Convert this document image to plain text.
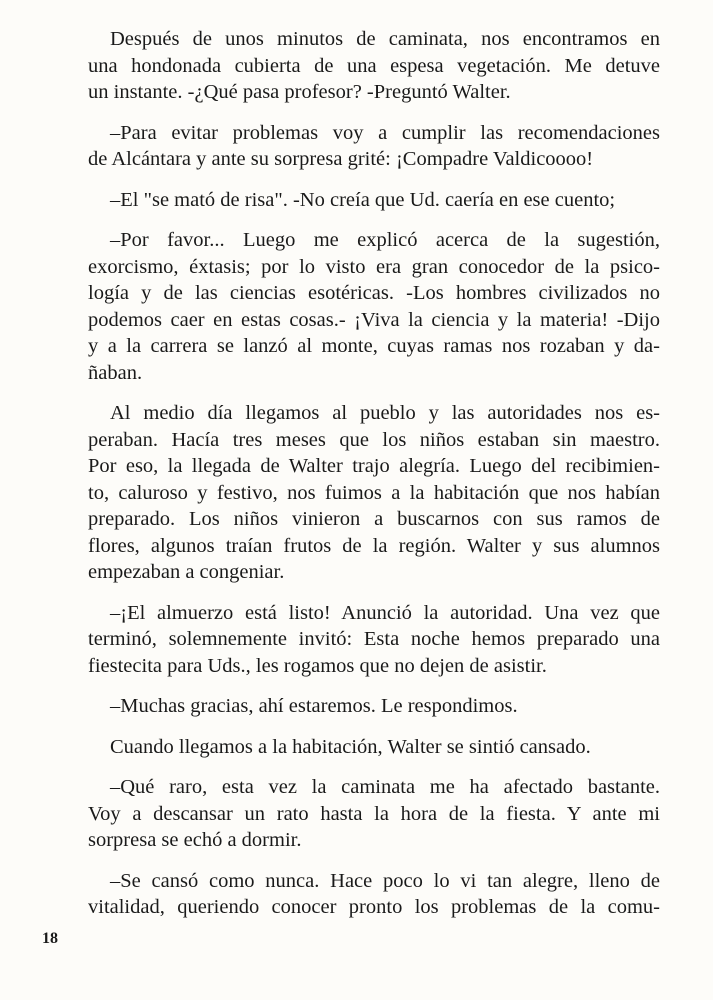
Después de unos minutos de caminata, nos encontramos en
una hondonada cubierta de una espesa vegetación. Me detuve
un instante. -¿Qué pasa profesor? -Preguntó Walter.

–Para evitar problemas voy a cumplir las recomendaciones
de Alcántara y ante su sorpresa grité: ¡Compadre Valdicoooo!

–El "se mató de risa". -No creía que Ud. caería en ese cuento;

–Por favor... Luego me explicó acerca de la sugestión,
exorcismo, éxtasis; por lo visto era gran conocedor de la psico-
logía y de las ciencias esotéricas. -Los hombres civilizados no
podemos caer en estas cosas.- ¡Viva la ciencia y la materia! -Dijo
y a la carrera se lanzó al monte, cuyas ramas nos rozaban y da-
ñaban.

Al medio día llegamos al pueblo y las autoridades nos es-
peraban. Hacía tres meses que los niños estaban sin maestro.
Por eso, la llegada de Walter trajo alegría. Luego del recibimien-
to, caluroso y festivo, nos fuimos a la habitación que nos habían
preparado. Los niños vinieron a buscarnos con sus ramos de
flores, algunos traían frutos de la región. Walter y sus alumnos
empezaban a congeniar.

–¡El almuerzo está listo! Anunció la autoridad. Una vez que
terminó, solemnemente invitó: Esta noche hemos preparado una
fiestecita para Uds., les rogamos que no dejen de asistir.

–Muchas gracias, ahí estaremos. Le respondimos.

Cuando llegamos a la habitación, Walter se sintió cansado.

–Qué raro, esta vez la caminata me ha afectado bastante.
Voy a descansar un rato hasta la hora de la fiesta. Y ante mi
sorpresa se echó a dormir.

–Se cansó como nunca. Hace poco lo vi tan alegre, lleno de
vitalidad, queriendo conocer pronto los problemas de la comu-

18
